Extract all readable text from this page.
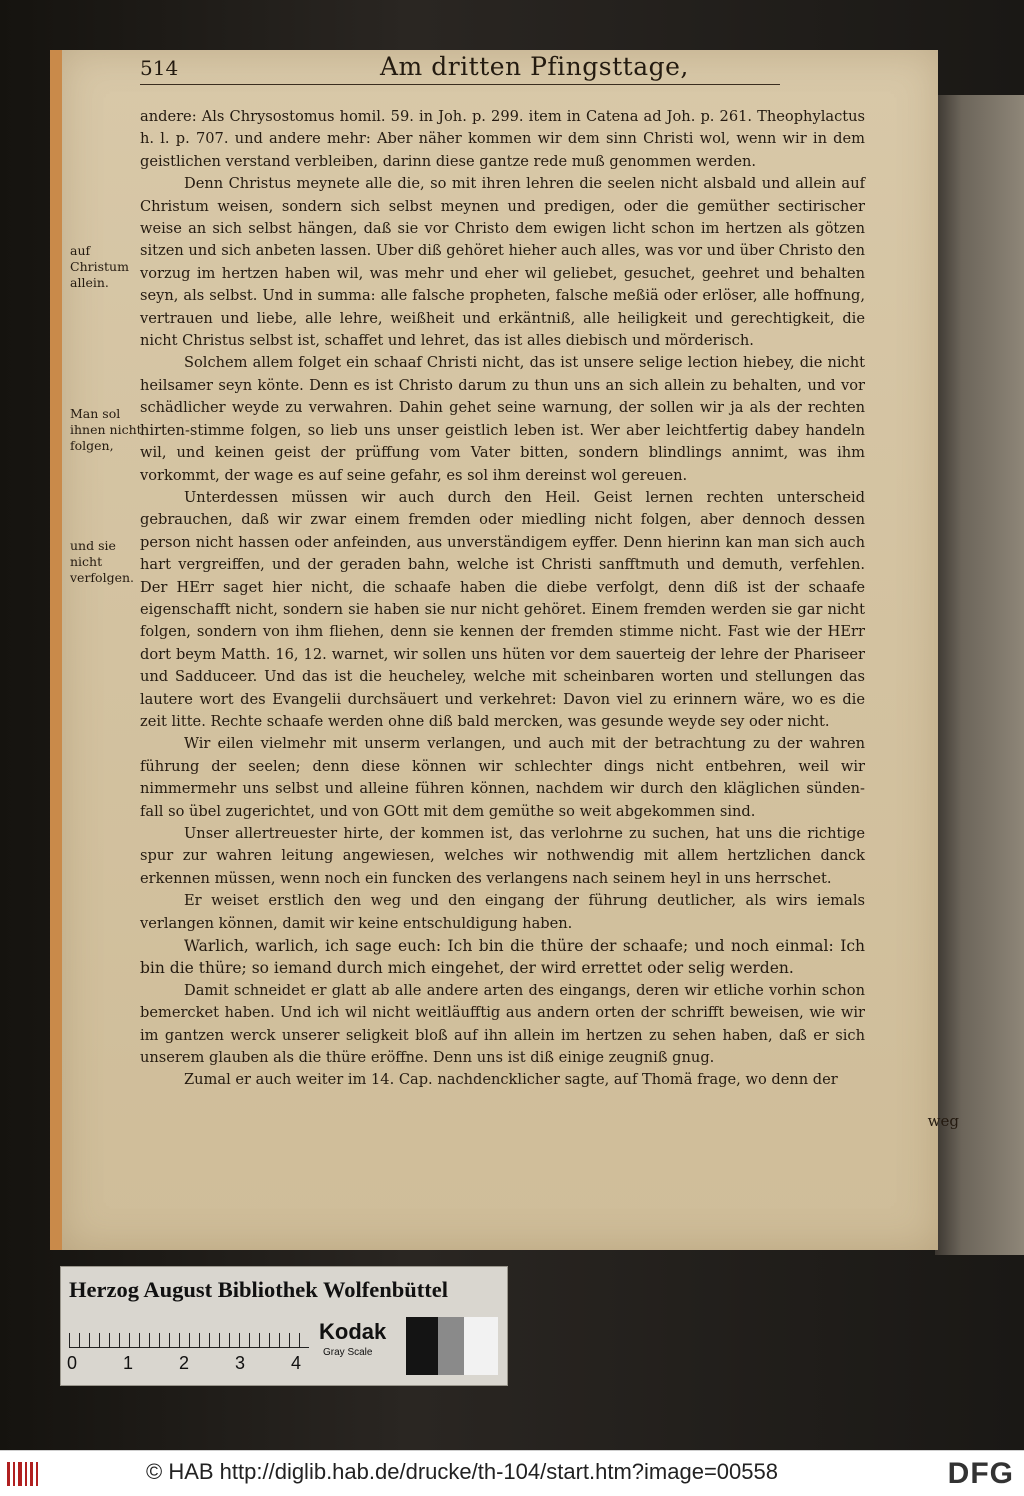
514	Am dritten Pfingsttage,
auf Christum allein.
Man sol ihnen nicht folgen,
und sie nicht verfolgen.

andere: Als Chrysostomus homil. 59. in Joh. p. 299. item in Catena ad Joh. p. 261. Theophylactus h. l. p. 707. und andere mehr: Aber näher kommen wir dem sinn Christi wol, wenn wir in dem geistlichen verstand verbleiben, darinn diese gantze rede muß genommen werden.

Denn Christus meynete alle die, so mit ihren lehren die seelen nicht alsbald und allein auf Christum weisen, sondern sich selbst meynen und predigen, oder die gemüther sectirischer weise an sich selbst hängen, daß sie vor Christo dem ewigen licht schon im hertzen als götzen sitzen und sich anbeten lassen. Uber diß gehöret hieher auch alles, was vor und über Christo den vorzug im hertzen haben wil, was mehr und eher wil geliebet, gesuchet, geehret und behalten seyn, als selbst. Und in summa: alle falsche propheten, falsche meßiä oder erlöser, alle hoffnung, vertrauen und liebe, alle lehre, weißheit und erkäntniß, alle heiligkeit und gerechtigkeit, die nicht Christus selbst ist, schaffet und lehret, das ist alles diebisch und mörderisch.

Solchem allem folget ein schaaf Christi nicht, das ist unsere selige lection hiebey, die nicht heilsamer seyn könte. Denn es ist Christo darum zu thun uns an sich allein zu behalten, und vor schädlicher weyde zu verwahren. Dahin gehet seine warnung, der sollen wir ja als der rechten hirten-stimme folgen, so lieb uns unser geistlich leben ist. Wer aber leichtfertig dabey handeln wil, und keinen geist der prüffung vom Vater bitten, sondern blindlings annimt, was ihm vorkommt, der wage es auf seine gefahr, es sol ihm dereinst wol gereuen.

Unterdessen müssen wir auch durch den Heil. Geist lernen rechten unterscheid gebrauchen, daß wir zwar einem fremden oder miedling nicht folgen, aber dennoch dessen person nicht hassen oder anfeinden, aus unverständigem eyffer. Denn hierinn kan man sich auch hart vergreiffen, und der geraden bahn, welche ist Christi sanfftmuth und demuth, verfehlen. Der HErr saget hier nicht, die schaafe haben die diebe verfolgt, denn diß ist der schaafe eigenschafft nicht, sondern sie haben sie nur nicht gehöret. Einem fremden werden sie gar nicht folgen, sondern von ihm fliehen, denn sie kennen der fremden stimme nicht. Fast wie der HErr dort beym Matth. 16, 12. warnet, wir sollen uns hüten vor dem sauerteig der lehre der Phariseer und Sadduceer. Und das ist die heucheley, welche mit scheinbaren worten und stellungen das lautere wort des Evangelii durchsäuert und verkehret: Davon viel zu erinnern wäre, wo es die zeit litte. Rechte schaafe werden ohne diß bald mercken, was gesunde weyde sey oder nicht.

Wir eilen vielmehr mit unserm verlangen, und auch mit der betrachtung zu der wahren führung der seelen; denn diese können wir schlechter dings nicht entbehren, weil wir nimmermehr uns selbst und alleine führen können, nachdem wir durch den kläglichen sünden-fall so übel zugerichtet, und von GOtt mit dem gemüthe so weit abgekommen sind.

Unser allertreuester hirte, der kommen ist, das verlohrne zu suchen, hat uns die richtige spur zur wahren leitung angewiesen, welches wir nothwendig mit allem hertzlichen danck erkennen müssen, wenn noch ein funcken des verlangens nach seinem heyl in uns herrschet.

Er weiset erstlich den weg und den eingang der führung deutlicher, als wirs iemals verlangen können, damit wir keine entschuldigung haben.

Warlich, warlich, ich sage euch: Ich bin die thüre der schaafe; und noch einmal: Ich bin die thüre; so iemand durch mich eingehet, der wird errettet oder selig werden.

Damit schneidet er glatt ab alle andere arten des eingangs, deren wir etliche vorhin schon bemercket haben. Und ich wil nicht weitläufftig aus andern orten der schrifft beweisen, wie wir im gantzen werck unserer seligkeit bloß auf ihn allein im hertzen zu sehen haben, daß er sich unserem glauben als die thüre eröffne. Denn uns ist diß einige zeugniß gnug.

Zumal er auch weiter im 14. Cap. nachdencklicher sagte, auf Thomä frage, wo denn der

weg
Herzog August Bibliothek Wolfenbüttel
0	1	2	3	4
Kodak
Gray Scale
© HAB http://diglib.hab.de/drucke/th-104/start.htm?image=00558	DFG
